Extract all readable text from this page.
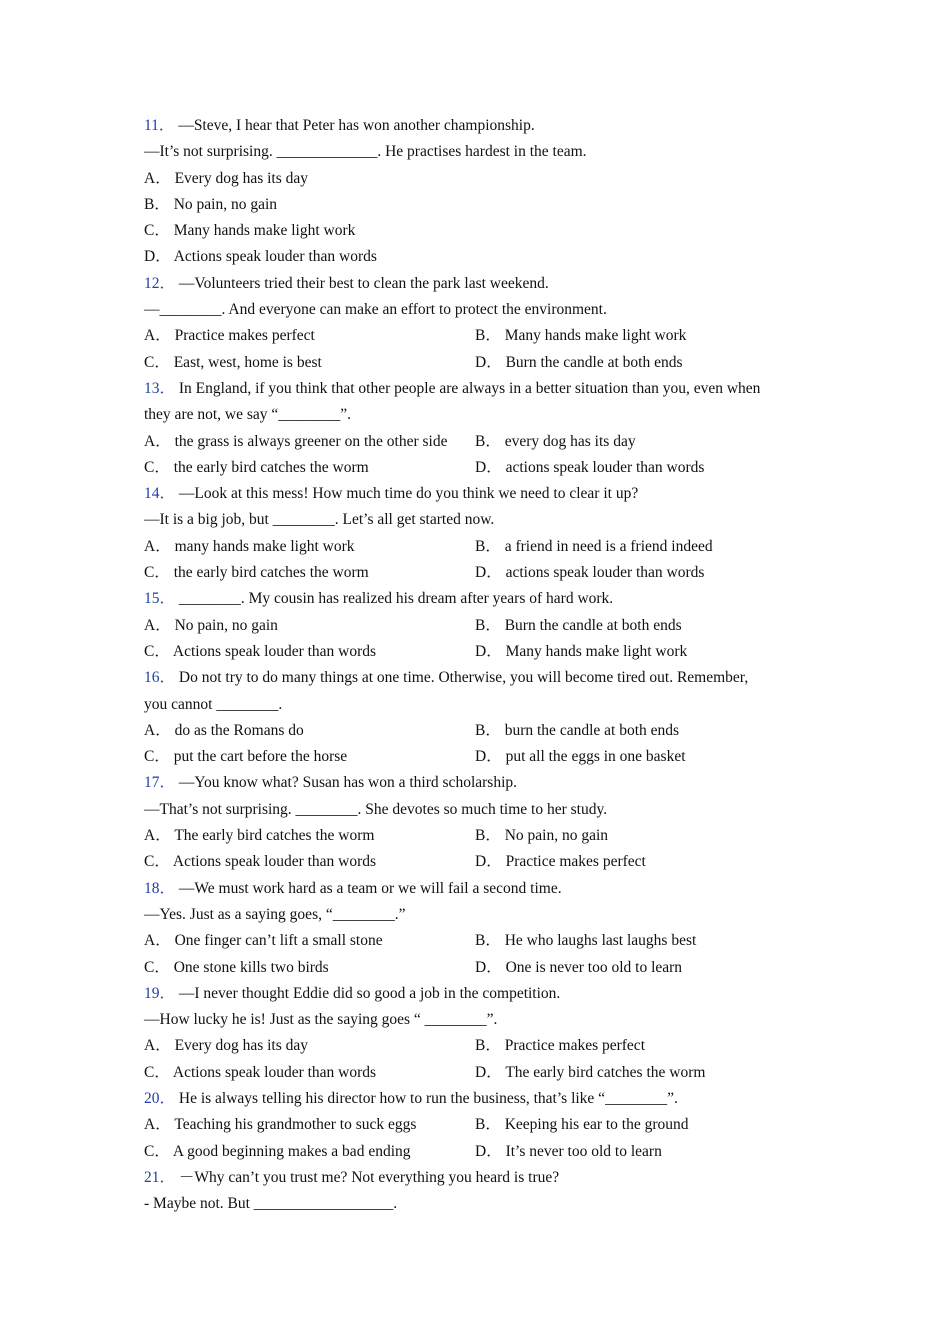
11． —Steve, I hear that Peter has won another championship.
—It’s not surprising. _____________. He practises hardest in the team.
A． Every dog has its day
B． No pain, no gain
C． Many hands make light work
D． Actions speak louder than words
12． —Volunteers tried their best to clean the park last weekend.
—________. And everyone can make an effort to protect the environment.
A． Practice makes perfect	B． Many hands make light work
C． East, west, home is best	D． Burn the candle at both ends
13． In England, if you think that other people are always in a better situation than you, even when
they are not, we say “________”.
A． the grass is always greener on the other side	B． every dog has its day
C． the early bird catches the worm	D． actions speak louder than words
14． —Look at this mess! How much time do you think we need to clear it up?
—It is a big job, but ________. Let’s all get started now.
A． many hands make light work	B． a friend in need is a friend indeed
C． the early bird catches the worm	D． actions speak louder than words
15． ________. My cousin has realized his dream after years of hard work.
A． No pain, no gain	B． Burn the candle at both ends
C． Actions speak louder than words	D． Many hands make light work
16． Do not try to do many things at one time. Otherwise, you will become tired out. Remember,
you cannot ________.
A． do as the Romans do	B． burn the candle at both ends
C． put the cart before the horse	D． put all the eggs in one basket
17． —You know what? Susan has won a third scholarship.
—That’s not surprising. ________. She devotes so much time to her study.
A． The early bird catches the worm	B． No pain, no gain
C． Actions speak louder than words	D． Practice makes perfect
18． —We must work hard as a team or we will fail a second time.
—Yes. Just as a saying goes, “________.”
A． One finger can’t lift a small stone	B． He who laughs last laughs best
C． One stone kills two birds	D． One is never too old to learn
19． —I never thought Eddie did so good a job in the competition.
—How lucky he is! Just as the saying goes “ ________”.
A． Every dog has its day	B． Practice makes perfect
C． Actions speak louder than words	D． The early bird catches the worm
20． He is always telling his director how to run the business, that’s like “________”.
A． Teaching his grandmother to suck eggs	B． Keeping his ear to the ground
C． A good beginning makes a bad ending	D． It’s never too old to learn
21． －Why can’t you trust me? Not everything you heard is true?
- Maybe not. But __________________.
